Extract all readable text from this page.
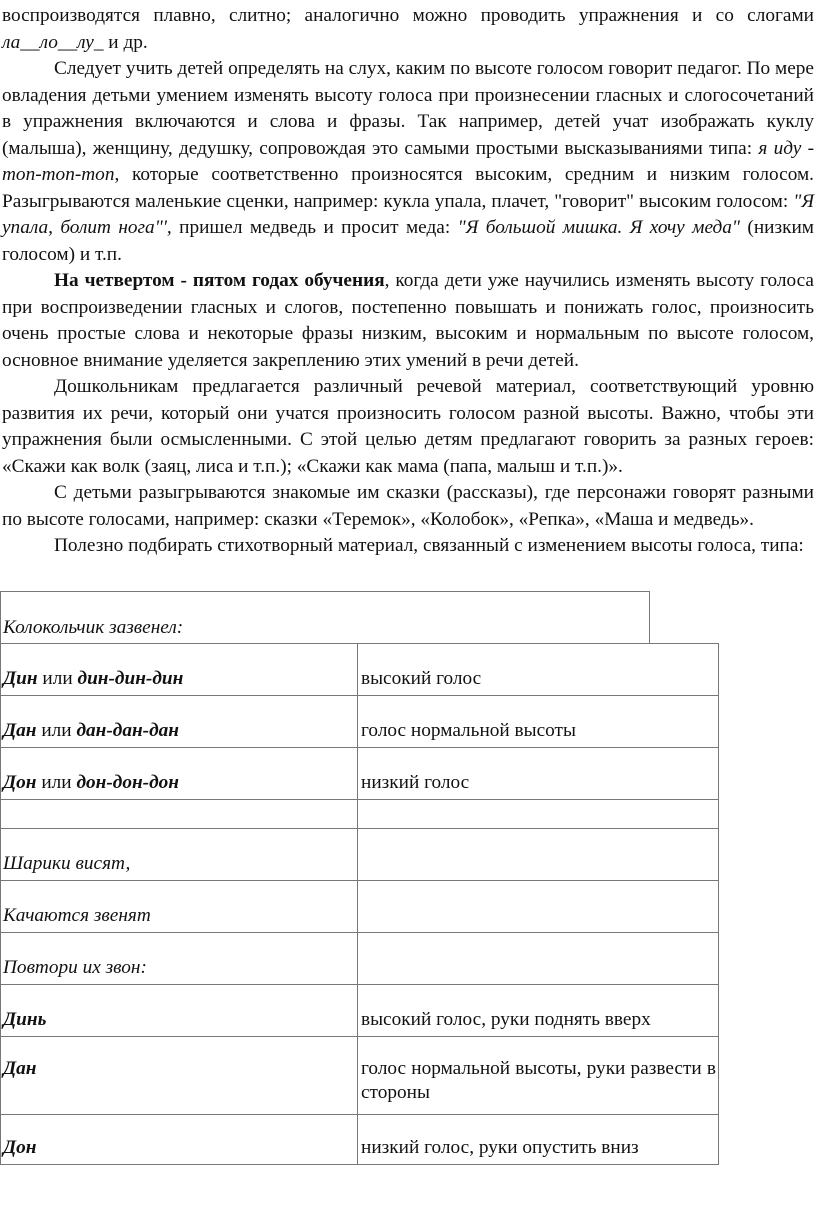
воспроизводятся плавно, слитно; аналогично можно проводить упражнения и со слогами ла__ло__лу_ и др.

Следует учить детей определять на слух, каким по высоте голосом говорит педагог. По мере овладения детьми умением изменять высоту голоса при произнесении гласных и слогосочетаний в упражнения включаются и слова и фразы. Так например, детей учат изображать куклу (малыша), женщину, дедушку, сопровождая это самыми простыми высказываниями типа: я иду - топ-топ-топ, которые соответственно произносятся высоким, средним и низким голосом. Разыгрываются маленькие сценки, например: кукла упала, плачет, "говорит" высоким голосом: "Я упала, болит нога"', пришел медведь и просит меда: "Я большой мишка. Я хочу меда" (низким голосом) и т.п.

На четвертом - пятом годах обучения, когда дети уже научились изменять высоту голоса при воспроизведении гласных и слогов, постепенно повышать и понижать голос, произносить очень простые слова и некоторые фразы низким, высоким и нормальным по высоте голосом, основное внимание уделяется закреплению этих умений в речи детей.

Дошкольникам предлагается различный речевой материал, соответствующий уровню развития их речи, который они учатся произносить голосом разной высоты. Важно, чтобы эти упражнения были осмысленными. С этой целью детям предлагают говорить за разных героев: «Скажи как волк (заяц, лиса и т.п.); «Скажи как мама (папа, малыш и т.п.)».

С детьми разыгрываются знакомые им сказки (рассказы), где персонажи говорят разными по высоте голосами, например: сказки «Теремок», «Колобок», «Репка», «Маша и медведь».

Полезно подбирать стихотворный материал, связанный с изменением высоты голоса, типа:

Колокольчик зазвенел:
Дин или дин-дин-дин	высокий голос
Дан или дан-дан-дан	голос нормальной высоты
Дон или дон-дон-дон	низкий голос

Шарики висят,	
Качаются звенят	
Повтори их звон:	
Динь	высокий голос, руки поднять вверх
Дан	голос нормальной высоты, руки развести в стороны
Дон	низкий голос, руки опустить вниз
